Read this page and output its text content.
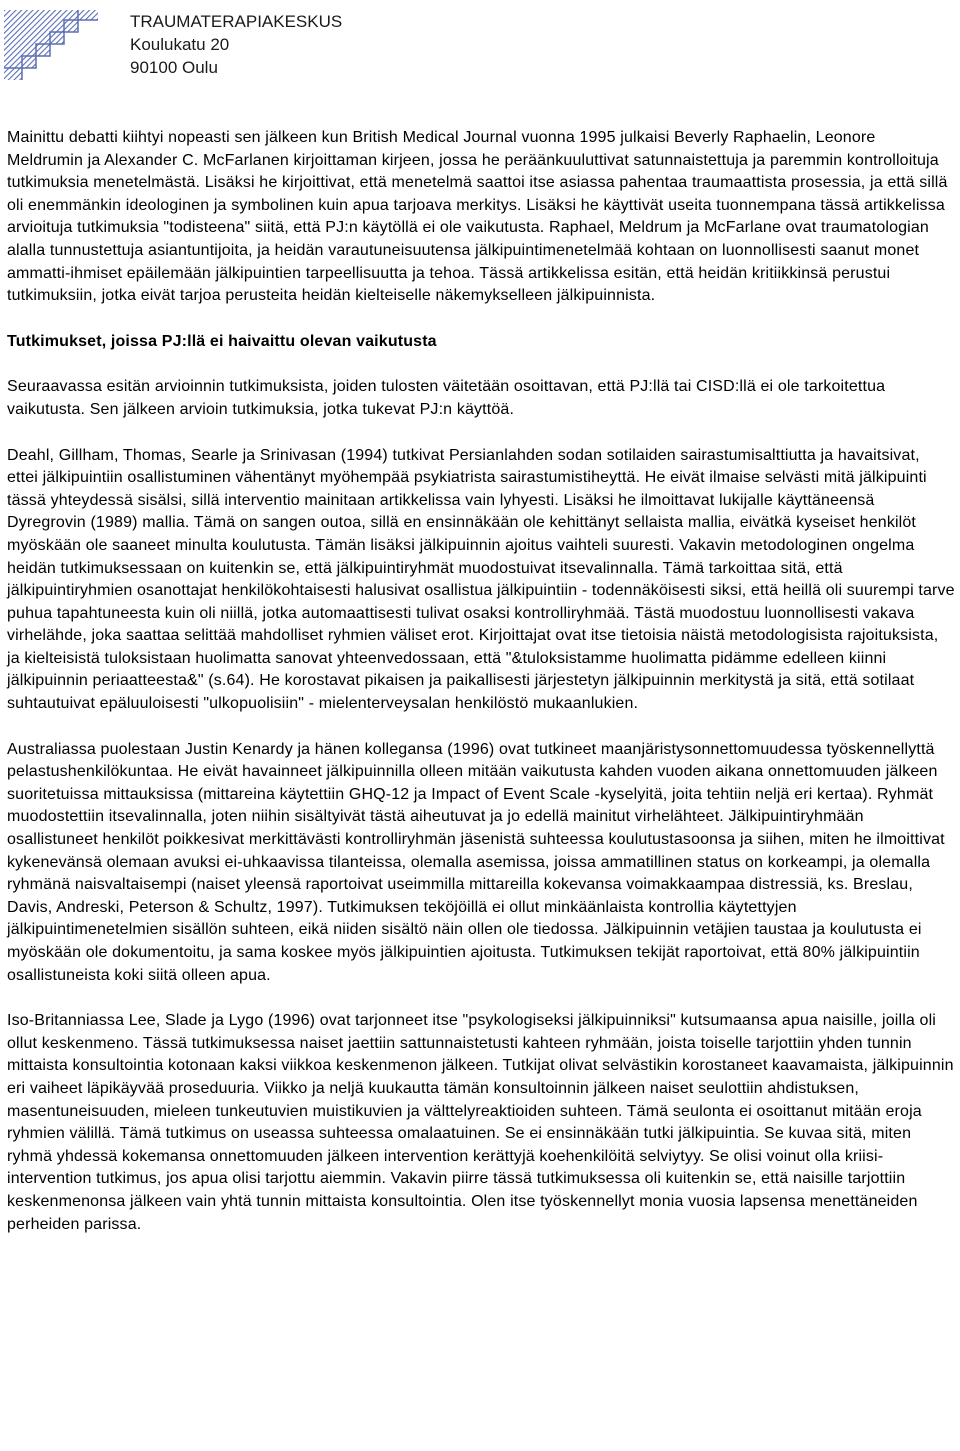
TRAUMATERAPIAKESKUS
Koulukatu 20
90100 Oulu

Mainittu debatti kiihtyi nopeasti sen jälkeen kun British Medical Journal vuonna 1995 julkaisi Beverly Raphaelin, Leonore Meldrumin ja Alexander C. McFarlanen kirjoittaman kirjeen, jossa he peräänkuuluttivat satunnaistettuja ja paremmin kontrolloituja tutkimuksia menetelmästä. Lisäksi he kirjoittivat, että menetelmä saattoi itse asiassa pahentaa traumaattista prosessia, ja että sillä oli enemmänkin ideologinen ja symbolinen kuin apua tarjoava merkitys. Lisäksi he käyttivät useita tuonnempana tässä artikkelissa arvioituja tutkimuksia "todisteena" siitä, että PJ:n käytöllä ei ole vaikutusta. Raphael, Meldrum ja McFarlane ovat traumatologian alalla tunnustettuja asiantuntijoita, ja heidän varautuneisuutensa jälkipuintimenetelmää kohtaan on luonnollisesti saanut monet ammatti-ihmiset epäilemään jälkipuintien tarpeellisuutta ja tehoa. Tässä artikkelissa esitän, että heidän kritiikkinsä perustui tutkimuksiin, jotka eivät tarjoa perusteita heidän kielteiselle näkemykselleen jälkipuinnista.

Tutkimukset, joissa PJ:llä ei haivaittu olevan vaikutusta

Seuraavassa esitän arvioinnin tutkimuksista, joiden tulosten väitetään osoittavan, että PJ:llä tai CISD:llä ei ole tarkoitettua vaikutusta. Sen jälkeen arvioin tutkimuksia, jotka tukevat PJ:n käyttöä.

Deahl, Gillham, Thomas, Searle ja Srinivasan (1994) tutkivat Persianlahden sodan sotilaiden sairastumisalttiutta ja havaitsivat, ettei jälkipuintiin osallistuminen vähentänyt myöhempää psykiatrista sairastumistiheyttä. He eivät ilmaise selvästi mitä jälkipuinti tässä yhteydessä sisälsi, sillä interventio mainitaan artikkelissa vain lyhyesti. Lisäksi he ilmoittavat lukijalle käyttäneensä Dyregrovin (1989) mallia. Tämä on sangen outoa, sillä en ensinnäkään ole kehittänyt sellaista mallia, eivätkä kyseiset henkilöt myöskään ole saaneet minulta koulutusta. Tämän lisäksi jälkipuinnin ajoitus vaihteli suuresti. Vakavin metodologinen ongelma heidän tutkimuksessaan on kuitenkin se, että jälkipuintiryhmät muodostuivat itsevalinnalla. Tämä tarkoittaa sitä, että jälkipuintiryhmien osanottajat henkilökohtaisesti halusivat osallistua jälkipuintiin - todennäköisesti siksi, että heillä oli suurempi tarve puhua tapahtuneesta kuin oli niillä, jotka automaattisesti tulivat osaksi kontrolliryhmää. Tästä muodostuu luonnollisesti vakava virhelähde, joka saattaa selittää mahdolliset ryhmien väliset erot. Kirjoittajat ovat itse tietoisia näistä metodologisista rajoituksista, ja kielteisistä tuloksistaan huolimatta sanovat yhteenvedossaan, että "&tuloksistamme huolimatta pidämme edelleen kiinni jälkipuinnin periaatteesta&" (s.64). He korostavat pikaisen ja paikallisesti järjestetyn jälkipuinnin merkitystä ja sitä, että sotilaat suhtautuivat epäluuloisesti "ulkopuolisiin" - mielenterveysalan henkilöstö mukaanlukien.

Australiassa puolestaan Justin Kenardy ja hänen kollegansa (1996) ovat tutkineet maanjäristysonnettomuudessa työskennellyttä pelastushenkilökuntaa. He eivät havainneet jälkipuinnilla olleen mitään vaikutusta kahden vuoden aikana onnettomuuden jälkeen suoritetuissa mittauksissa (mittareina käytettiin GHQ-12 ja Impact of Event Scale -kyselyitä, joita tehtiin neljä eri kertaa). Ryhmät muodostettiin itsevalinnalla, joten niihin sisältyivät tästä aiheutuvat ja jo edellä mainitut virhelähteet. Jälkipuintiryhmään osallistuneet henkilöt poikkesivat merkittävästi kontrolliryhmän jäsenistä suhteessa koulutustasoonsa ja siihen, miten he ilmoittivat kykenevänsä olemaan avuksi ei-uhkaavissa tilanteissa, olemalla asemissa, joissa ammatillinen status on korkeampi, ja olemalla ryhmänä naisvaltaisempi (naiset yleensä raportoivat useimmilla mittareilla kokevansa voimakkaampaa distressiä, ks. Breslau, Davis, Andreski, Peterson & Schultz, 1997). Tutkimuksen teköjöillä ei ollut minkäänlaista kontrollia käytettyjen jälkipuintimenetelmien sisällön suhteen, eikä niiden sisältö näin ollen ole tiedossa. Jälkipuinnin vetäjien taustaa ja koulutusta ei myöskään ole dokumentoitu, ja sama koskee myös jälkipuintien ajoitusta. Tutkimuksen tekijät raportoivat, että 80% jälkipuintiin osallistuneista koki siitä olleen apua.

Iso-Britanniassa Lee, Slade ja Lygo (1996) ovat tarjonneet itse "psykologiseksi jälkipuinniksi" kutsumaansa apua naisille, joilla oli ollut keskenmeno. Tässä tutkimuksessa naiset jaettiin sattunnaistetusti kahteen ryhmään, joista toiselle tarjottiin yhden tunnin mittaista konsultointia kotonaan kaksi viikkoa keskenmenon jälkeen. Tutkijat olivat selvästikin korostaneet kaavamaista, jälkipuinnin eri vaiheet läpikäyvää proseduuria. Viikko ja neljä kuukautta tämän konsultoinnin jälkeen naiset seulottiin ahdistuksen, masentuneisuuden, mieleen tunkeutuvien muistikuvien ja välttelyreaktioiden suhteen. Tämä seulonta ei osoittanut mitään eroja ryhmien välillä. Tämä tutkimus on useassa suhteessa omalaatuinen. Se ei ensinnäkään tutki jälkipuintia. Se kuvaa sitä, miten ryhmä yhdessä kokemansa onnettomuuden jälkeen intervention kerättyjä koehenkilöitä selviytyy. Se olisi voinut olla kriisi-intervention tutkimus, jos apua olisi tarjottu aiemmin. Vakavin piirre tässä tutkimuksessa oli kuitenkin se, että naisille tarjottiin keskenmenonsa jälkeen vain yhtä tunnin mittaista konsultointia. Olen itse työskennellyt monia vuosia lapsensa menettäneiden perheiden parissa.
